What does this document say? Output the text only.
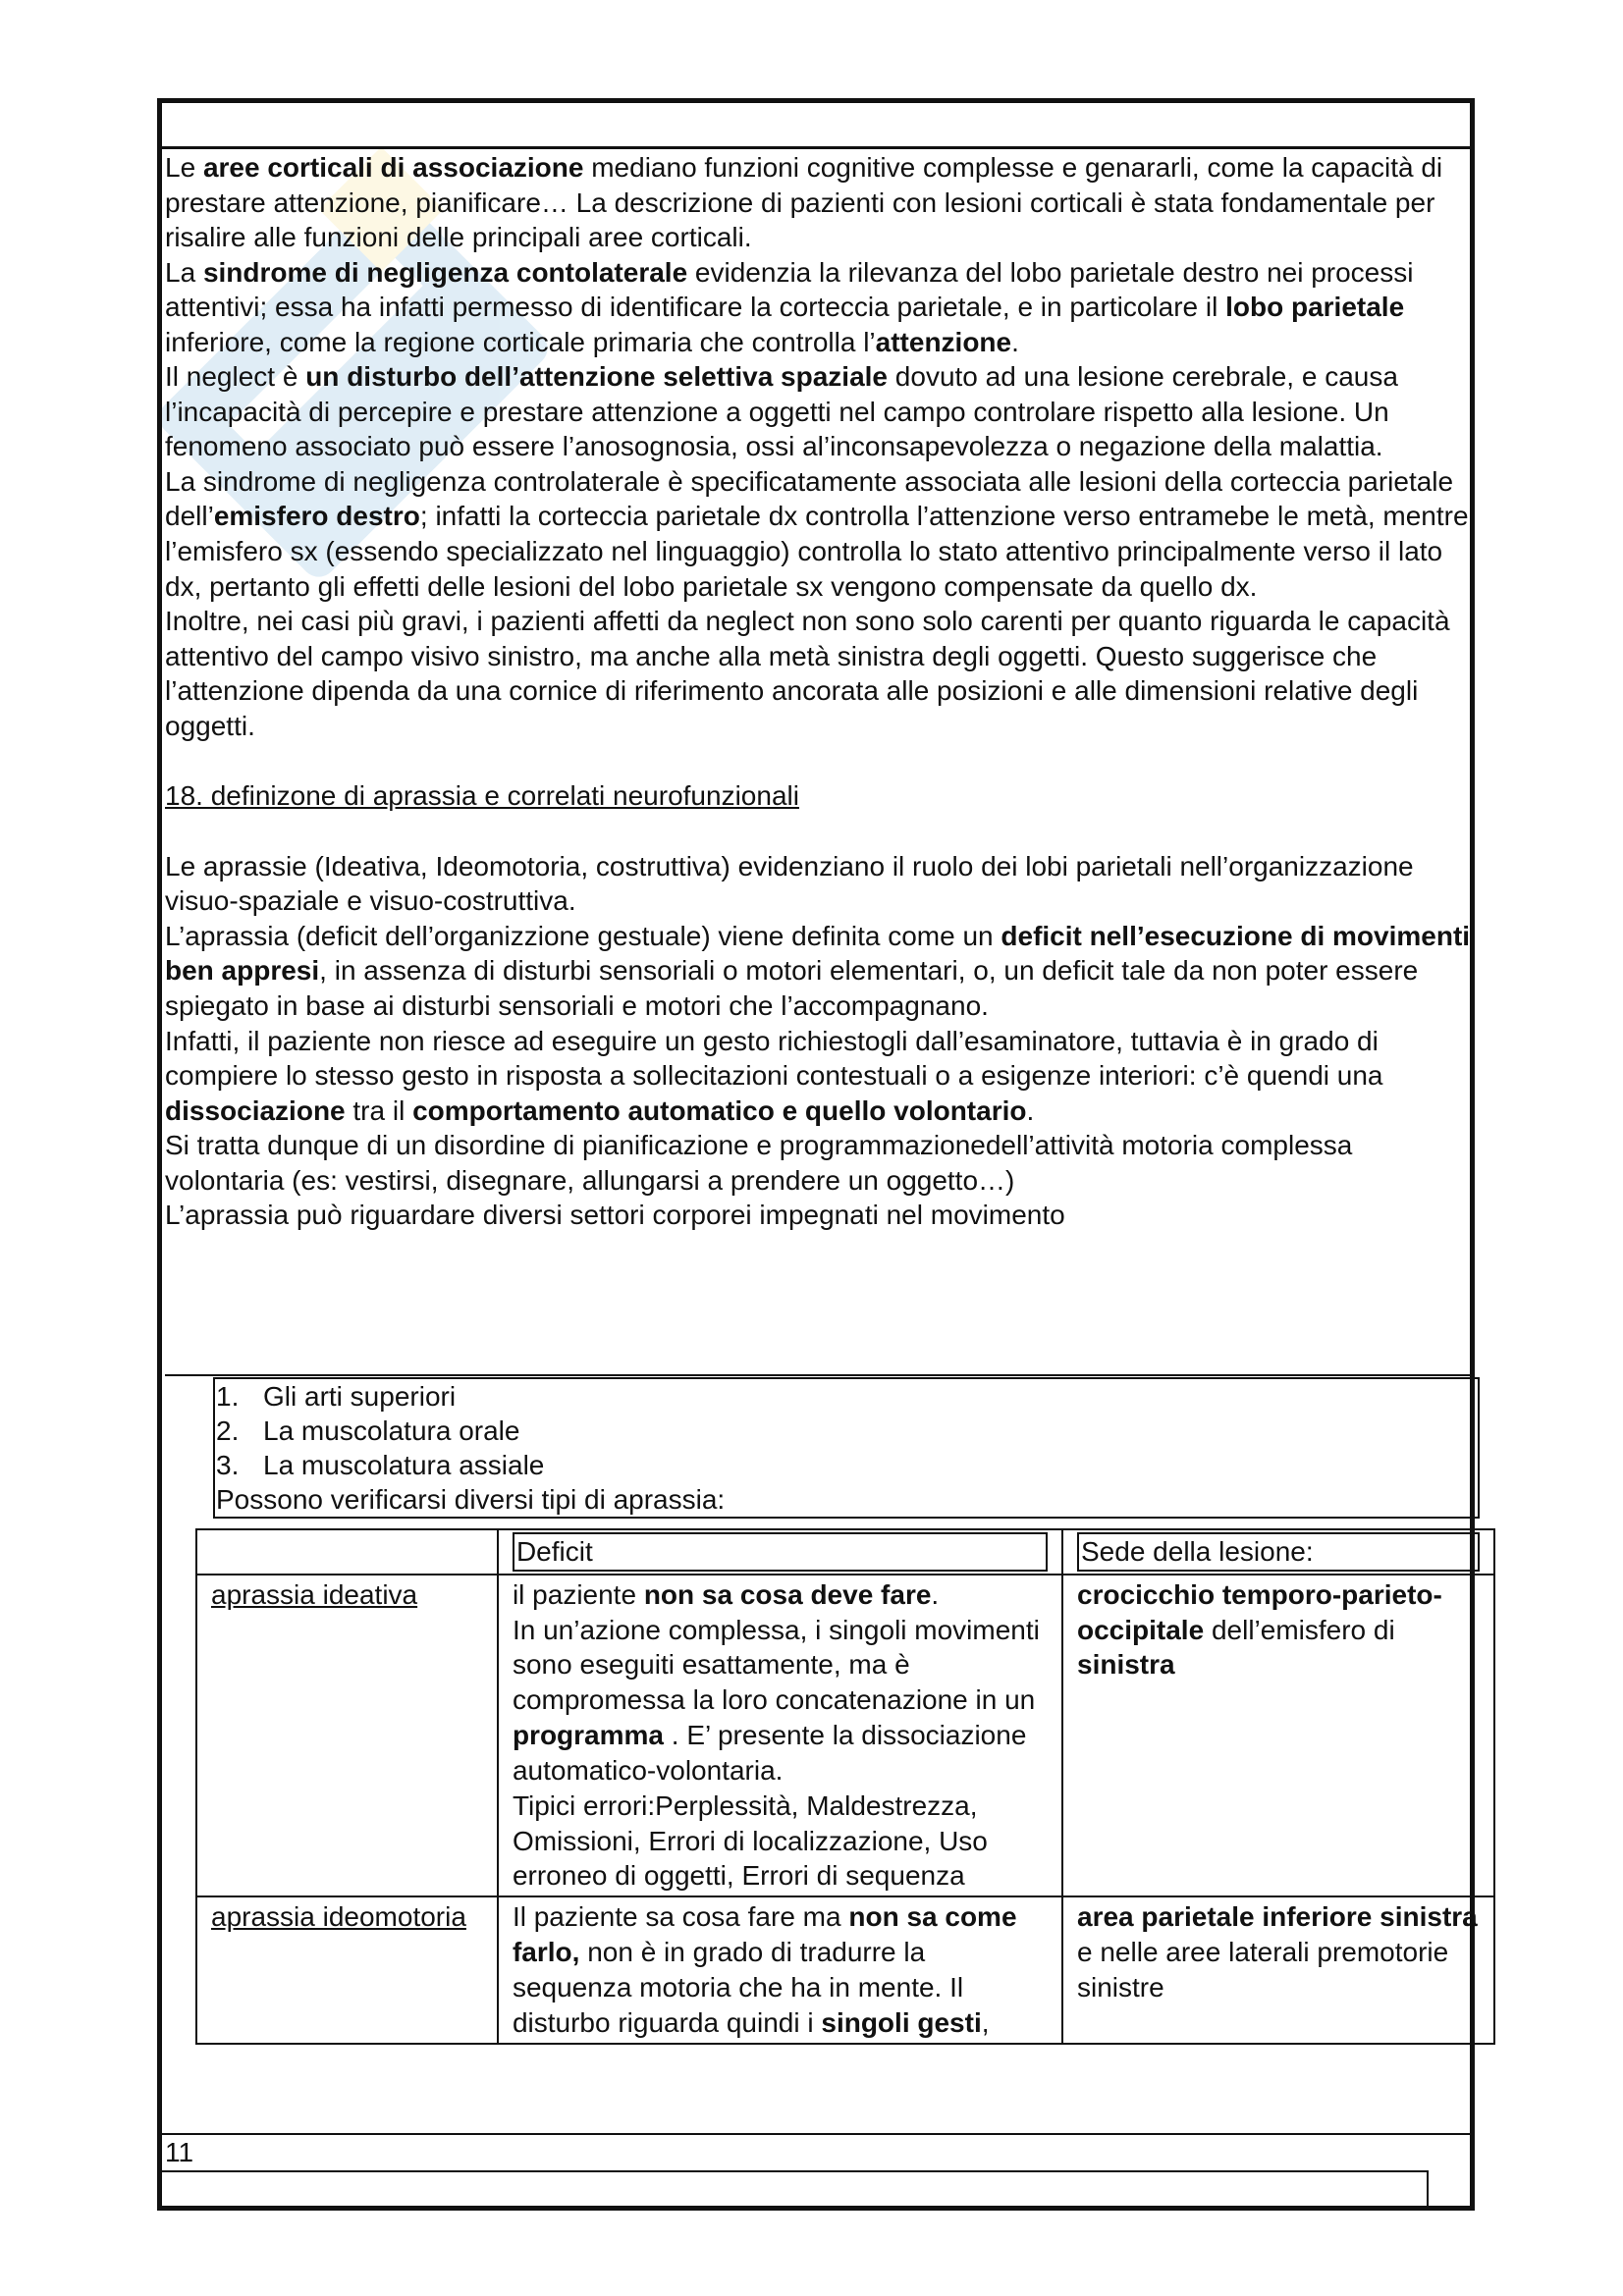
Le aree corticali di associazione mediano funzioni cognitive complesse e genararli, come la capacità di prestare attenzione, pianificare… La descrizione di pazienti con lesioni corticali è stata fondamentale per risalire alle funzioni delle principali aree corticali.

La sindrome di negligenza contolaterale evidenzia la rilevanza del lobo parietale destro nei processi attentivi; essa ha infatti permesso di identificare la corteccia parietale, e in particolare il lobo parietale inferiore, come la regione corticale primaria che controlla l’attenzione.

Il neglect è un disturbo dell’attenzione selettiva spaziale dovuto ad una lesione cerebrale, e causa l’incapacità di percepire e prestare attenzione a oggetti nel campo controlare rispetto alla lesione. Un fenomeno associato può essere l’anosognosia, ossi al’inconsapevolezza o negazione della malattia.

La sindrome di negligenza controlaterale è specificatamente associata alle lesioni della corteccia parietale dell’emisfero destro; infatti la corteccia parietale dx controlla l’attenzione verso entramebe le metà, mentre l’emisfero sx (essendo specializzato nel linguaggio) controlla lo stato attentivo principalmente verso il lato dx, pertanto gli effetti delle lesioni del lobo parietale sx vengono compensate da quello dx.

Inoltre, nei casi più gravi, i pazienti affetti da neglect non sono solo carenti per quanto riguarda le capacità attentivo del campo visivo sinistro, ma anche alla metà sinistra degli oggetti. Questo suggerisce che l’attenzione dipenda da una cornice di riferimento ancorata alle posizioni e alle dimensioni relative degli oggetti.

18. definizone di aprassia e correlati neurofunzionali

Le aprassie (Ideativa, Ideomotoria, costruttiva) evidenziano il ruolo dei lobi parietali nell’organizzazione visuo-spaziale e visuo-costruttiva.

L’aprassia (deficit dell’organizzione gestuale) viene definita come un deficit nell’esecuzione di movimenti ben appresi, in assenza di disturbi sensoriali o motori elementari, o, un deficit tale da non poter essere spiegato in base ai disturbi sensoriali e motori che l’accompagnano.

Infatti, il paziente non riesce ad eseguire un gesto richiestogli dall’esaminatore, tuttavia è in grado di compiere lo stesso gesto in risposta a sollecitazioni contestuali o a esigenze interiori: c’è quendi una dissociazione tra il comportamento automatico e quello volontario.

Si tratta dunque di un disordine di pianificazione e programmazionedell’attività motoria complessa volontaria (es: vestirsi, disegnare, allungarsi a prendere un oggetto…)

L’aprassia può riguardare diversi settori corporei impegnati nel movimento

1. Gli arti superiori
2. La muscolatura orale
3. La muscolatura assiale
Possono verificarsi diversi tipi di aprassia:
	Deficit	Sede della lesione:
aprassia ideativa	il paziente non sa cosa deve fare.
In un’azione complessa, i singoli movimenti sono eseguiti esattamente, ma è compromessa la loro concatenazione in un programma . E’ presente la dissociazione automatico-volontaria.
Tipici errori:Perplessità, Maldestrezza, Omissioni, Errori di localizzazione, Uso erroneo di oggetti, Errori di sequenza	crocicchio temporo-parieto-occipitale dell’emisfero di sinistra
aprassia ideomotoria	Il paziente sa cosa fare ma non sa come farlo, non è in grado di tradurre la sequenza motoria che ha in mente. Il disturbo riguarda quindi i singoli gesti,	area parietale inferiore sinistra e nelle aree laterali premotorie sinistre
11
